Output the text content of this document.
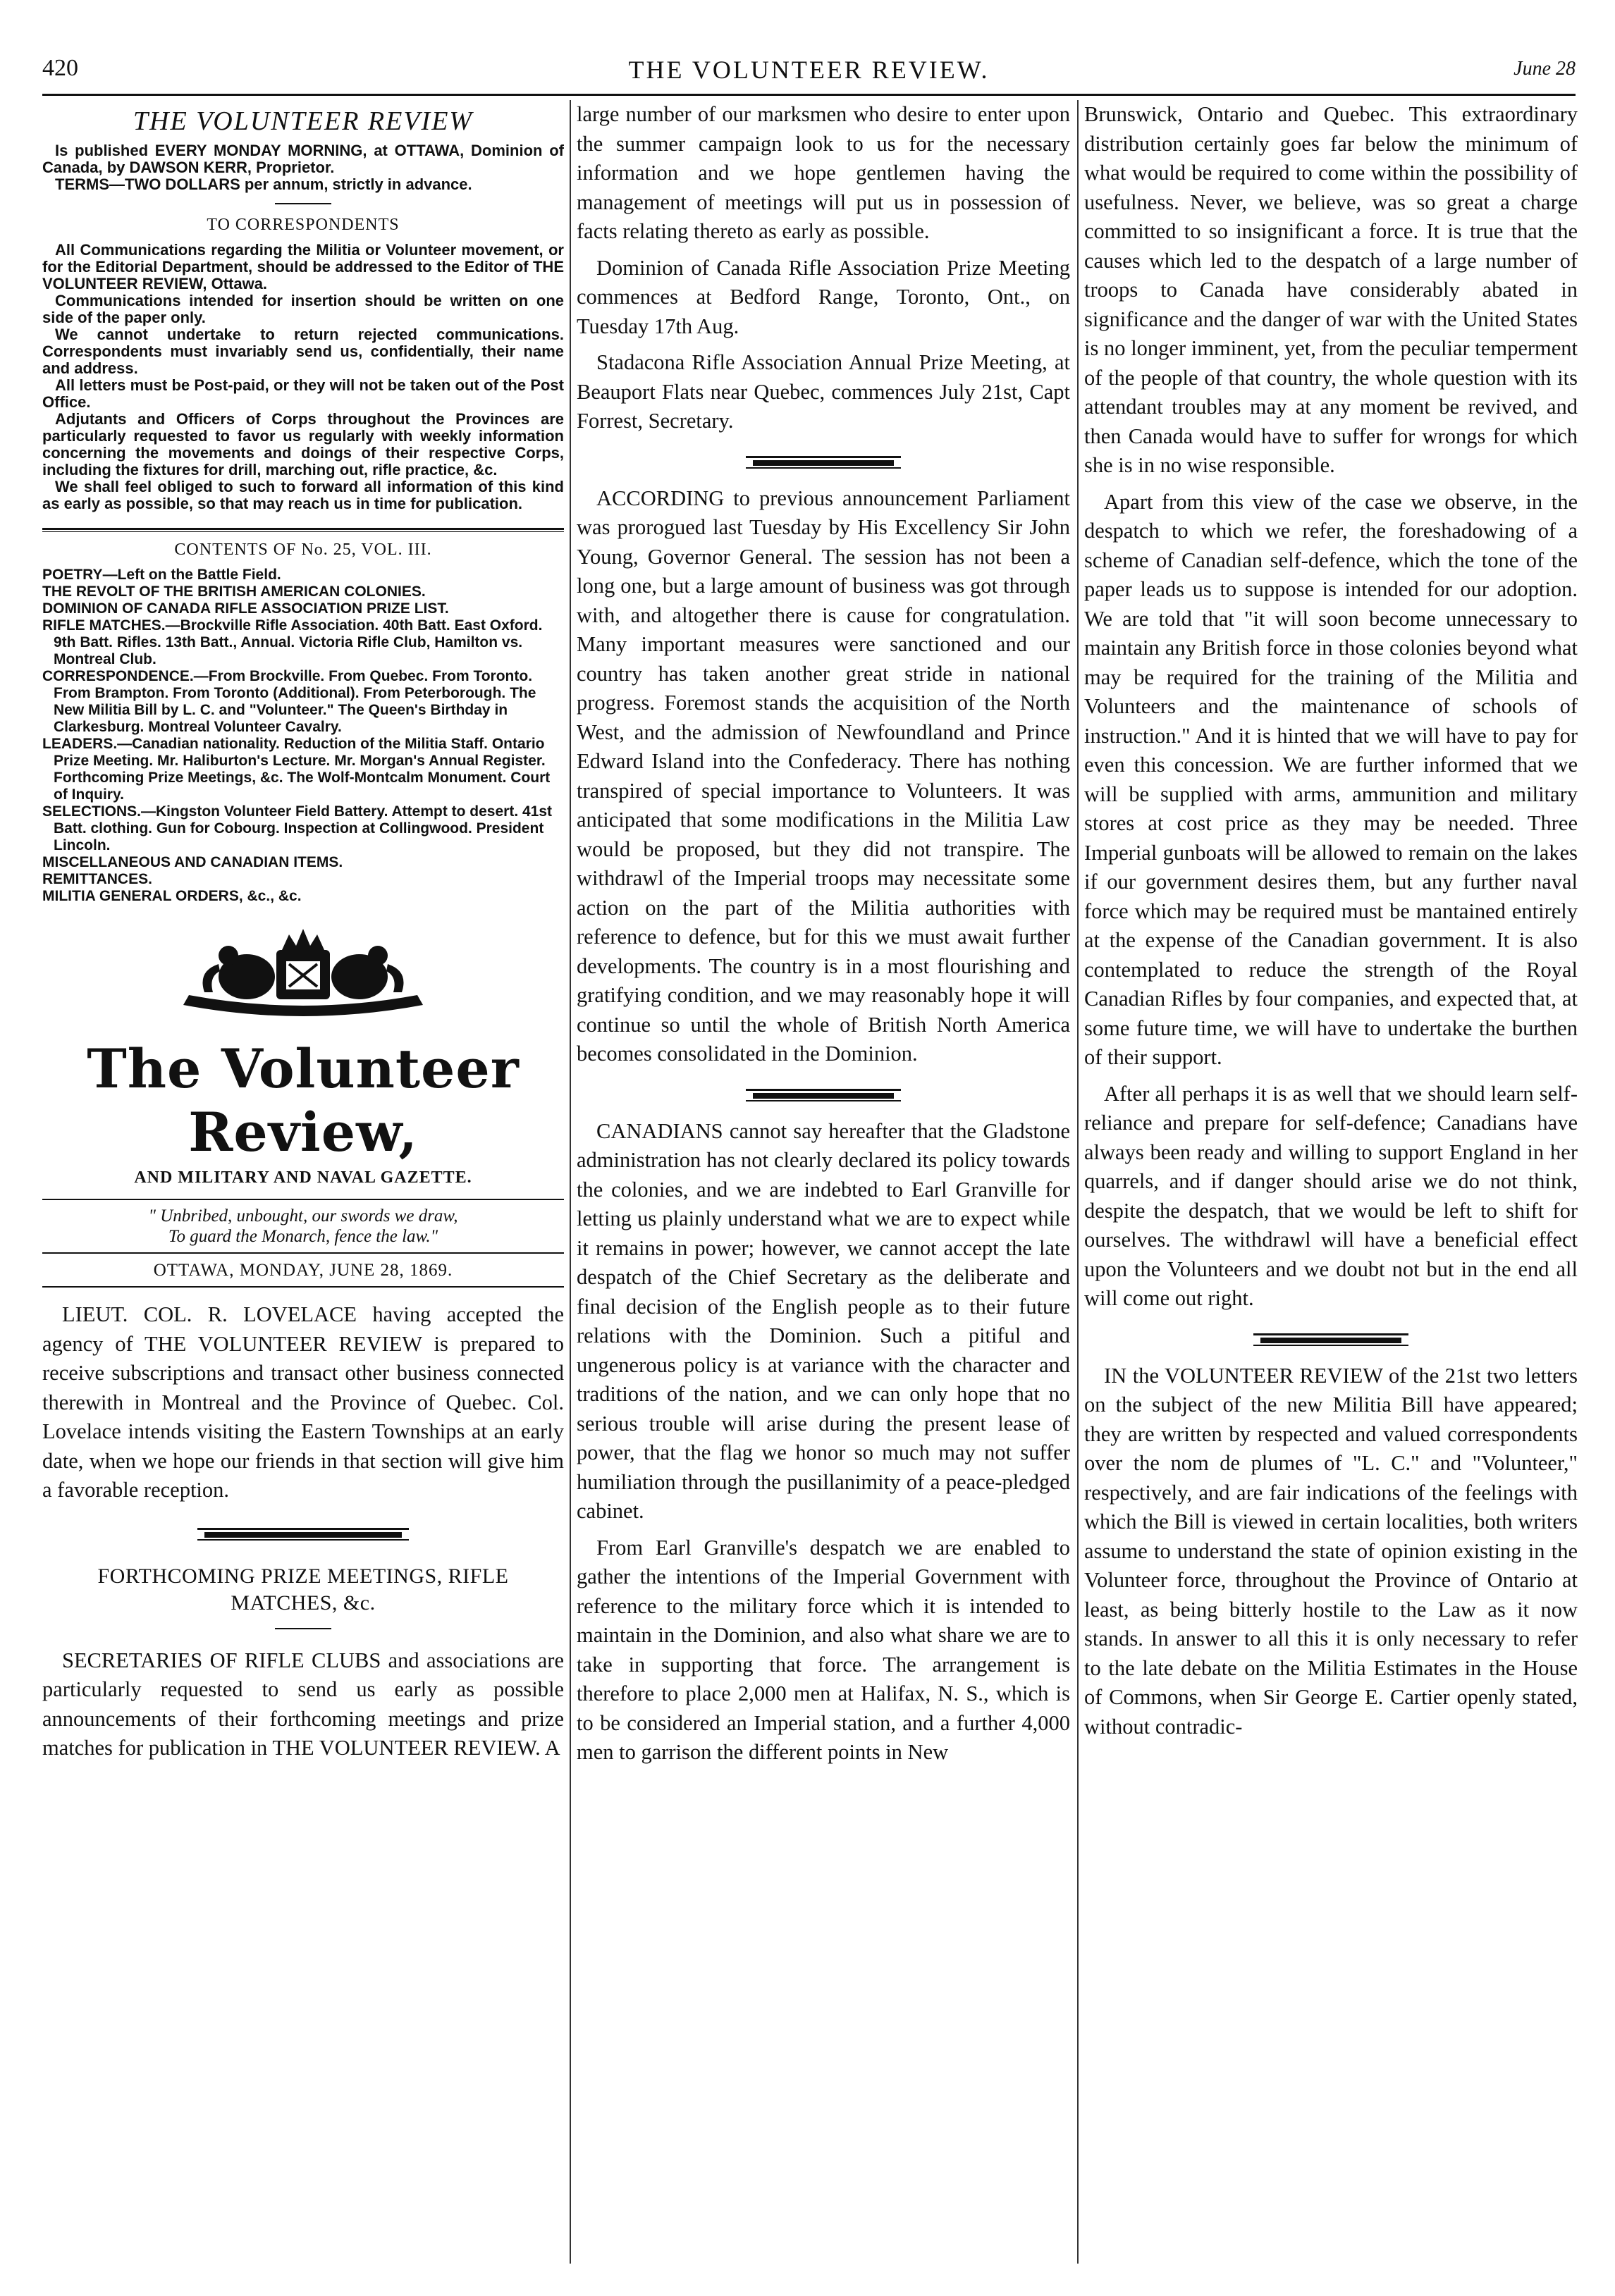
420	THE VOLUNTEER REVIEW.	June 28
THE VOLUNTEER REVIEW

Is published EVERY MONDAY MORNING, at OTTAWA, Dominion of Canada, by DAWSON KERR, Proprietor.

TERMS—TWO DOLLARS per annum, strictly in advance.

TO CORRESPONDENTS

All Communications regarding the Militia or Volunteer movement, or for the Editorial Department, should be addressed to the Editor of THE VOLUNTEER REVIEW, Ottawa.

Communications intended for insertion should be written on one side of the paper only.

We cannot undertake to return rejected communications. Correspondents must invariably send us, confidentially, their name and address.

All letters must be Post-paid, or they will not be taken out of the Post Office.

Adjutants and Officers of Corps throughout the Provinces are particularly requested to favor us regularly with weekly information concerning the movements and doings of their respective Corps, including the fixtures for drill, marching out, rifle practice, &c.

We shall feel obliged to such to forward all information of this kind as early as possible, so that may reach us in time for publication.

CONTENTS OF No. 25, VOL. III.

POETRY—Left on the Battle Field.

THE REVOLT OF THE BRITISH AMERICAN COLONIES.

DOMINION OF CANADA RIFLE ASSOCIATION PRIZE LIST.

RIFLE MATCHES.—Brockville Rifle Association. 40th Batt. East Oxford. 9th Batt. Rifles. 13th Batt., Annual. Victoria Rifle Club, Hamilton vs. Montreal Club.

CORRESPONDENCE.—From Brockville. From Quebec. From Toronto. From Brampton. From Toronto (Additional). From Peterborough. The New Militia Bill by L. C. and "Volunteer." The Queen's Birthday in Clarkesburg. Montreal Volunteer Cavalry.

LEADERS.—Canadian nationality. Reduction of the Militia Staff. Ontario Prize Meeting. Mr. Haliburton's Lecture. Mr. Morgan's Annual Register. Forthcoming Prize Meetings, &c. The Wolf-Montcalm Monument. Court of Inquiry.

SELECTIONS.—Kingston Volunteer Field Battery. Attempt to desert. 41st Batt. clothing. Gun for Cobourg. Inspection at Collingwood. President Lincoln.

MISCELLANEOUS AND CANADIAN ITEMS.

REMITTANCES.

MILITIA GENERAL ORDERS, &c., &c.

The Volunteer Review,
AND MILITARY AND NAVAL GAZETTE.
" Unbribed, unbought, our swords we draw,
To guard the Monarch, fence the law."
OTTAWA, MONDAY, JUNE 28, 1869.

LIEUT. COL. R. LOVELACE having accepted the agency of THE VOLUNTEER REVIEW is prepared to receive subscriptions and transact other business connected therewith in Montreal and the Province of Quebec. Col. Lovelace intends visiting the Eastern Townships at an early date, when we hope our friends in that section will give him a favorable reception.

FORTHCOMING PRIZE MEETINGS, RIFLE
MATCHES, &c.

SECRETARIES OF RIFLE CLUBS and associations are particularly requested to send us early as possible announcements of their forthcoming meetings and prize matches for publication in THE VOLUNTEER REVIEW. A

large number of our marksmen who desire to enter upon the summer campaign look to us for the necessary information and we hope gentlemen having the management of meetings will put us in possession of facts relating thereto as early as possible.

Dominion of Canada Rifle Association Prize Meeting commences at Bedford Range, Toronto, Ont., on Tuesday 17th Aug.

Stadacona Rifle Association Annual Prize Meeting, at Beauport Flats near Quebec, commences July 21st, Capt Forrest, Secretary.

ACCORDING to previous announcement Parliament was prorogued last Tuesday by His Excellency Sir John Young, Governor General. The session has not been a long one, but a large amount of business was got through with, and altogether there is cause for congratulation. Many important measures were sanctioned and our country has taken another great stride in national progress. Foremost stands the acquisition of the North West, and the admission of Newfoundland and Prince Edward Island into the Confederacy. There has nothing transpired of special importance to Volunteers. It was anticipated that some modifications in the Militia Law would be proposed, but they did not transpire. The withdrawl of the Imperial troops may necessitate some action on the part of the Militia authorities with reference to defence, but for this we must await further developments. The country is in a most flourishing and gratifying condition, and we may reasonably hope it will continue so until the whole of British North America becomes consolidated in the Dominion.

CANADIANS cannot say hereafter that the Gladstone administration has not clearly declared its policy towards the colonies, and we are indebted to Earl Granville for letting us plainly understand what we are to expect while it remains in power; however, we cannot accept the late despatch of the Chief Secretary as the deliberate and final decision of the English people as to their future relations with the Dominion. Such a pitiful and ungenerous policy is at variance with the character and traditions of the nation, and we can only hope that no serious trouble will arise during the present lease of power, that the flag we honor so much may not suffer humiliation through the pusillanimity of a peace-pledged cabinet.

From Earl Granville's despatch we are enabled to gather the intentions of the Imperial Government with reference to the military force which it is intended to maintain in the Dominion, and also what share we are to take in supporting that force. The arrangement is therefore to place 2,000 men at Halifax, N. S., which is to be considered an Imperial station, and a further 4,000 men to garrison the different points in New

Brunswick, Ontario and Quebec. This extraordinary distribution certainly goes far below the minimum of what would be required to come within the possibility of usefulness. Never, we believe, was so great a charge committed to so insignificant a force. It is true that the causes which led to the despatch of a large number of troops to Canada have considerably abated in significance and the danger of war with the United States is no longer imminent, yet, from the peculiar temperment of the people of that country, the whole question with its attendant troubles may at any moment be revived, and then Canada would have to suffer for wrongs for which she is in no wise responsible.

Apart from this view of the case we observe, in the despatch to which we refer, the foreshadowing of a scheme of Canadian self-defence, which the tone of the paper leads us to suppose is intended for our adoption. We are told that "it will soon become unnecessary to maintain any British force in those colonies beyond what may be required for the training of the Militia and Volunteers and the maintenance of schools of instruction." And it is hinted that we will have to pay for even this concession. We are further informed that we will be supplied with arms, ammunition and military stores at cost price as they may be needed. Three Imperial gunboats will be allowed to remain on the lakes if our government desires them, but any further naval force which may be required must be mantained entirely at the expense of the Canadian government. It is also contemplated to reduce the strength of the Royal Canadian Rifles by four companies, and expected that, at some future time, we will have to undertake the burthen of their support.

After all perhaps it is as well that we should learn self-reliance and prepare for self-defence; Canadians have always been ready and willing to support England in her quarrels, and if danger should arise we do not think, despite the despatch, that we would be left to shift for ourselves. The withdrawl will have a beneficial effect upon the Volunteers and we doubt not but in the end all will come out right.

IN the VOLUNTEER REVIEW of the 21st two letters on the subject of the new Militia Bill have appeared; they are written by respected and valued correspondents over the nom de plumes of "L. C." and "Volunteer," respectively, and are fair indications of the feelings with which the Bill is viewed in certain localities, both writers assume to understand the state of opinion existing in the Volunteer force, throughout the Province of Ontario at least, as being bitterly hostile to the Law as it now stands. In answer to all this it is only necessary to refer to the late debate on the Militia Estimates in the House of Commons, when Sir George E. Cartier openly stated, without contradic-
